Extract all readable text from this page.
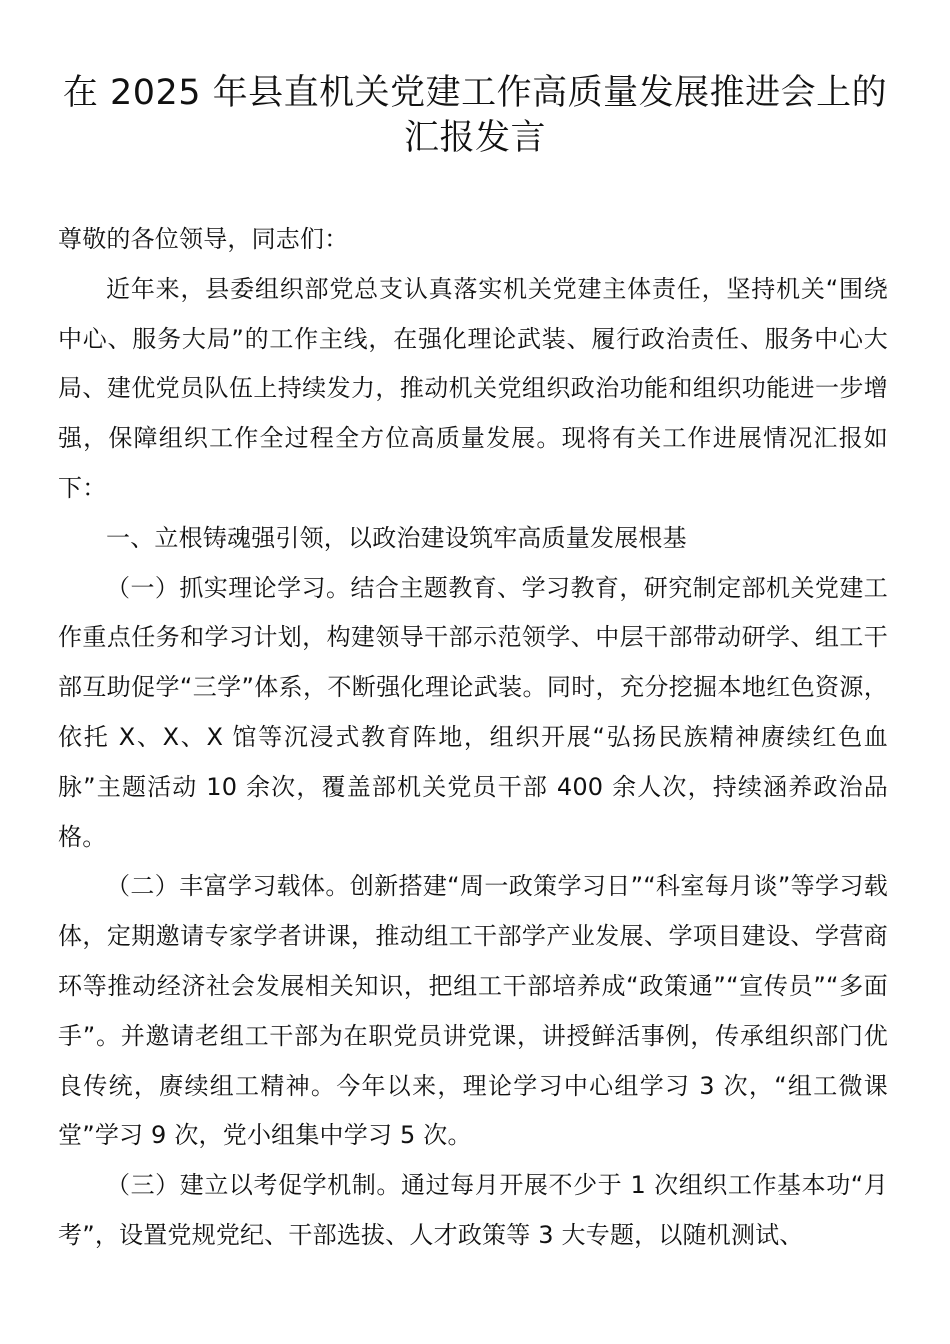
在 2025 年县直机关党建工作高质量发展推进会上的
汇报发言

尊敬的各位领导，同志们：

近年来，县委组织部党总支认真落实机关党建主体责任，坚持机关“围绕中心、服务大局”的工作主线，在强化理论武装、履行政治责任、服务中心大局、建优党员队伍上持续发力，推动机关党组织政治功能和组织功能进一步增强，保障组织工作全过程全方位高质量发展。现将有关工作进展情况汇报如下：

一、立根铸魂强引领，以政治建设筑牢高质量发展根基

（一）抓实理论学习。结合主题教育、学习教育，研究制定部机关党建工作重点任务和学习计划，构建领导干部示范领学、中层干部带动研学、组工干部互助促学“三学”体系，不断强化理论武装。同时，充分挖掘本地红色资源，依托 X、X、X 馆等沉浸式教育阵地，组织开展“弘扬民族精神赓续红色血脉”主题活动 10 余次，覆盖部机关党员干部 400 余人次，持续涵养政治品格。

（二）丰富学习载体。创新搭建“周一政策学习日”“科室每月谈”等学习载体，定期邀请专家学者讲课，推动组工干部学产业发展、学项目建设、学营商环等推动经济社会发展相关知识，把组工干部培养成“政策通”“宣传员”“多面手”。并邀请老组工干部为在职党员讲党课，讲授鲜活事例，传承组织部门优良传统，赓续组工精神。今年以来，理论学习中心组学习 3 次，“组工微课堂”学习 9 次，党小组集中学习 5 次。

（三）建立以考促学机制。通过每月开展不少于 1 次组织工作基本功“月考”，设置党规党纪、干部选拔、人才政策等 3 大专题，以随机测试、
